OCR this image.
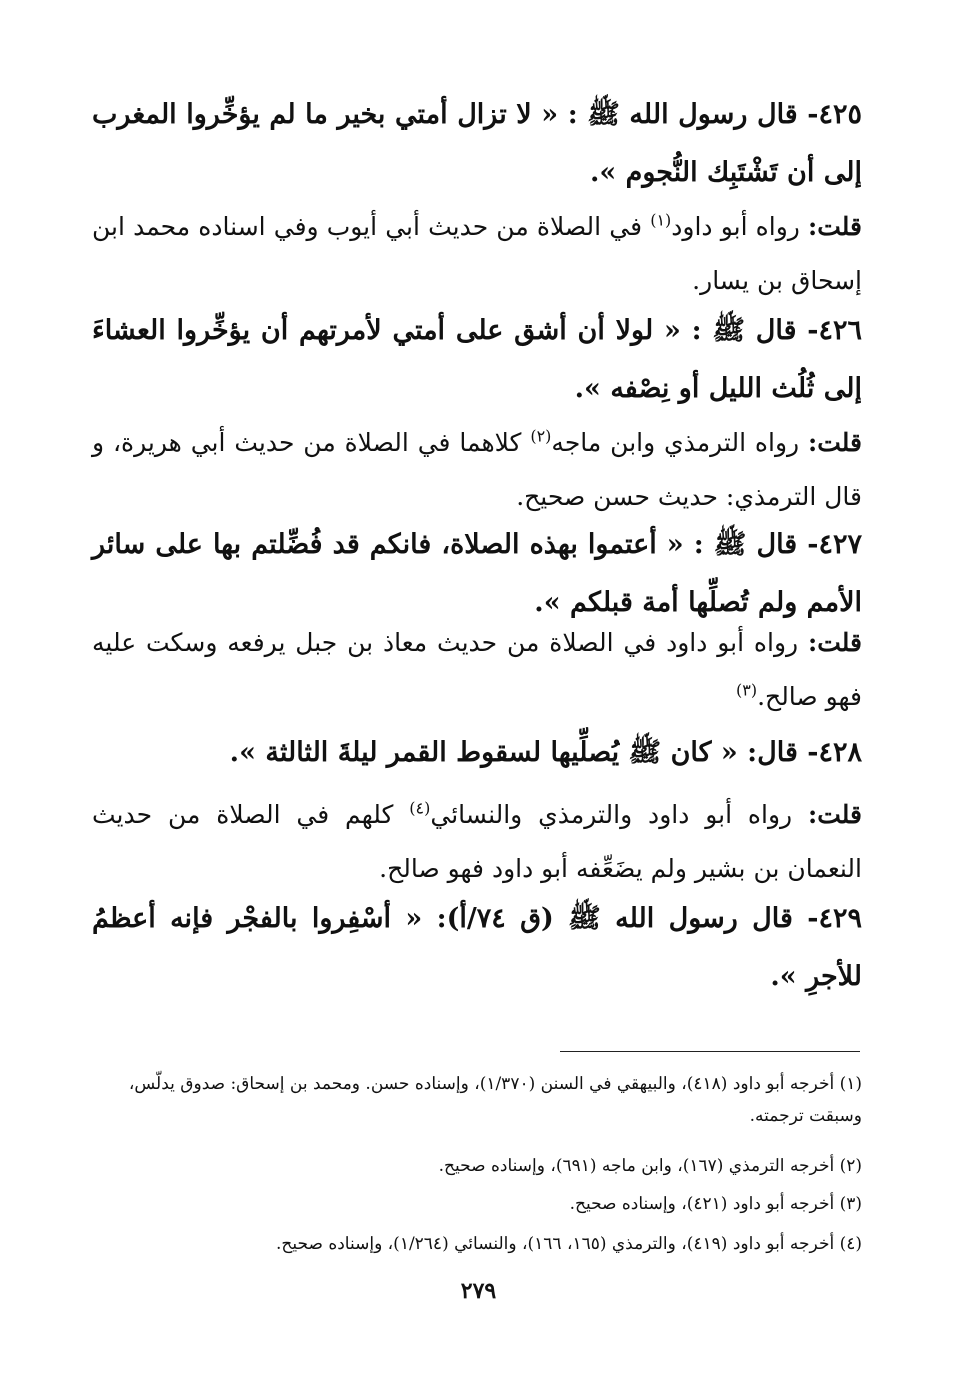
٤٢٥- قال رسول الله ﷺ : « لا تزال أمتي بخير ما لم يؤخِّروا المغرب إلى أن تَشْتَبِك النُّجوم ».
قلت: رواه أبو داود$^{(١)}$ في الصلاة من حديث أبي أيوب وفي اسناده محمد ابن إسحاق بن يسار.
٤٢٦- قال ﷺ : « لولا أن أشق على أمتي لأمرتهم أن يؤخِّروا العشاءَ إلى ثُلُث الليل أو نِصْفه ».
قلت: رواه الترمذي وابن ماجه$^{(٢)}$ كلاهما في الصلاة من حديث أبي هريرة، و قال الترمذي: حديث حسن صحيح.
٤٢٧- قال ﷺ : « أعتموا بهذه الصلاة، فانكم قد فُضِّلتم بها على سائر الأمم ولم تُصلِّها أمة قبلكم ».
قلت: رواه أبو داود في الصلاة من حديث معاذ بن جبل يرفعه وسكت عليه فهو صالح.$^{(٣)}$
٤٢٨- قال: « كان ﷺ يُصلِّيها لسقوط القمر ليلةَ الثالثة ».
قلت: رواه أبو داود والترمذي والنسائي$^{(٤)}$ كلهم في الصلاة من حديث النعمان بن بشير ولم يضَعِّفه أبو داود فهو صالح.
٤٢٩- قال رسول الله ﷺ (ق ٧٤/أ): « أسْفِروا بالفجْر فإنه أعظمُ للأجرِ ».
(١) أخرجه أبو داود (٤١٨)، والبيهقي في السنن (١/٣٧٠)، وإسناده حسن. ومحمد بن إسحاق: صدوق يدلّس، وسبقت ترجمته.
(٢) أخرجه الترمذي (١٦٧)، وابن ماجه (٦٩١)، وإسناده صحيح.
(٣) أخرجه أبو داود (٤٢١)، وإسناده صحيح.
(٤) أخرجه أبو داود (٤١٩)، والترمذي (١٦٥، ١٦٦)، والنسائي (١/٢٦٤)، وإسناده صحيح.
٢٧٩
